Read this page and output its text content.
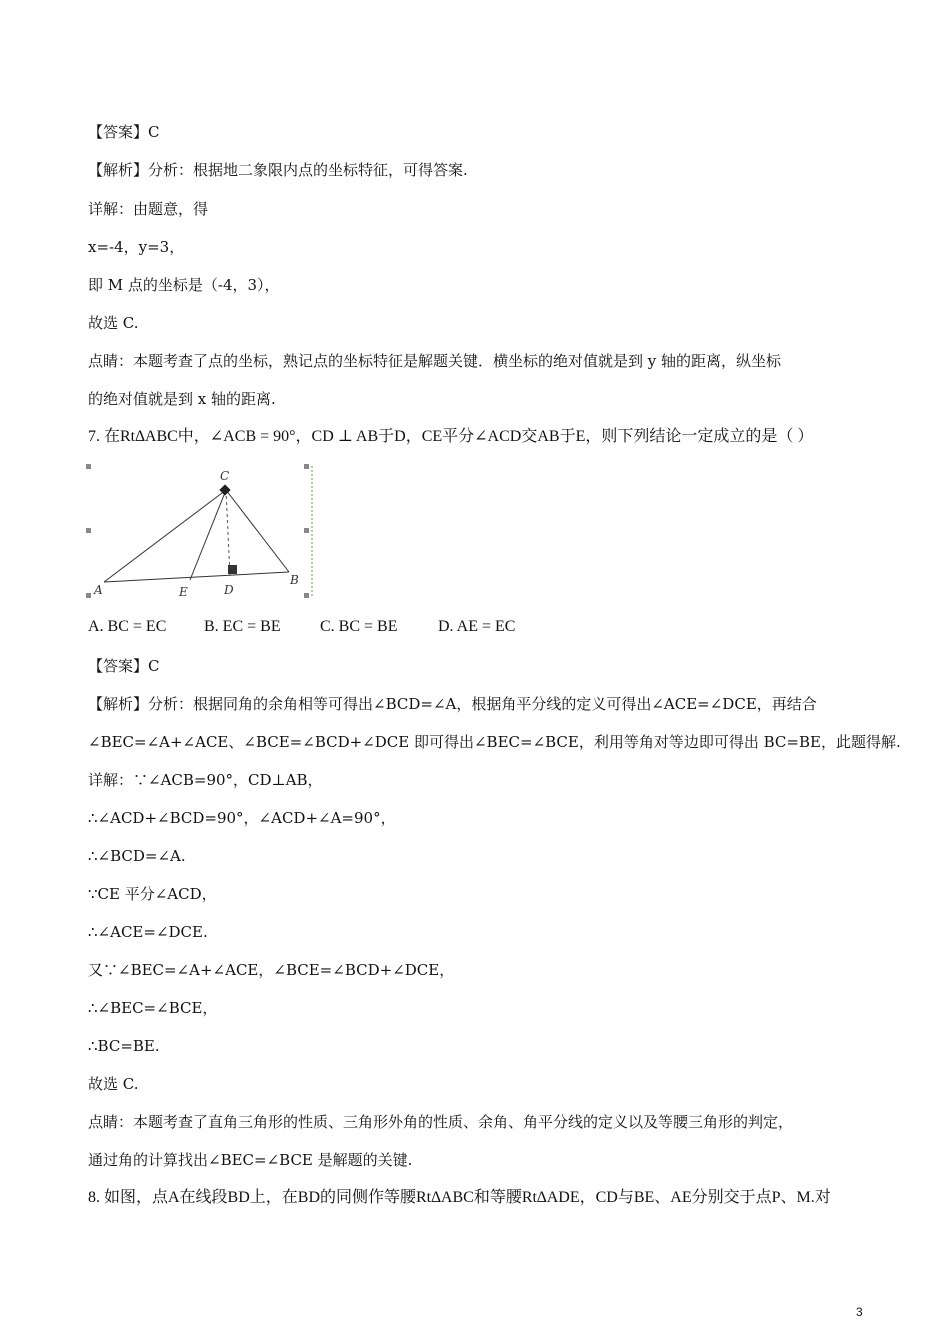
【答案】C
【解析】分析：根据地二象限内点的坐标特征，可得答案.
详解：由题意，得
x=-4，y=3，
即 M 点的坐标是（-4，3），
故选 C.
点睛：本题考查了点的坐标，熟记点的坐标特征是解题关键．横坐标的绝对值就是到 y 轴的距离，纵坐标
的绝对值就是到 x 轴的距离.
7. 在Rt∆ABC中，∠ACB = 90°，CD ⊥ AB于D，CE平分∠ACD交AB于E，则下列结论一定成立的是（ ）
C
A	E	D
B
A. BC = EC B. EC = BE C. BC = BE	D. AE = EC
【答案】C
【解析】分析：根据同角的余角相等可得出∠BCD=∠A，根据角平分线的定义可得出∠ACE=∠DCE，再结合
∠BEC=∠A+∠ACE、∠BCE=∠BCD+∠DCE 即可得出∠BEC=∠BCE，利用等角对等边即可得出 BC=BE，此题得解.
详解：∵∠ACB=90°，CD⊥AB，
∴∠ACD+∠BCD=90°，∠ACD+∠A=90°，
∴∠BCD=∠A.
∵CE 平分∠ACD，
∴∠ACE=∠DCE.
又∵∠BEC=∠A+∠ACE，∠BCE=∠BCD+∠DCE，
∴∠BEC=∠BCE，
∴BC=BE.
故选 C.
点睛：本题考查了直角三角形的性质、三角形外角的性质、余角、角平分线的定义以及等腰三角形的判定，
通过角的计算找出∠BEC=∠BCE 是解题的关键.
8. 如图，点A在线段BD上，在BD的同侧作等腰Rt∆ABC和等腰Rt∆ADE，CD与BE、AE分别交于点P、M.对
3
